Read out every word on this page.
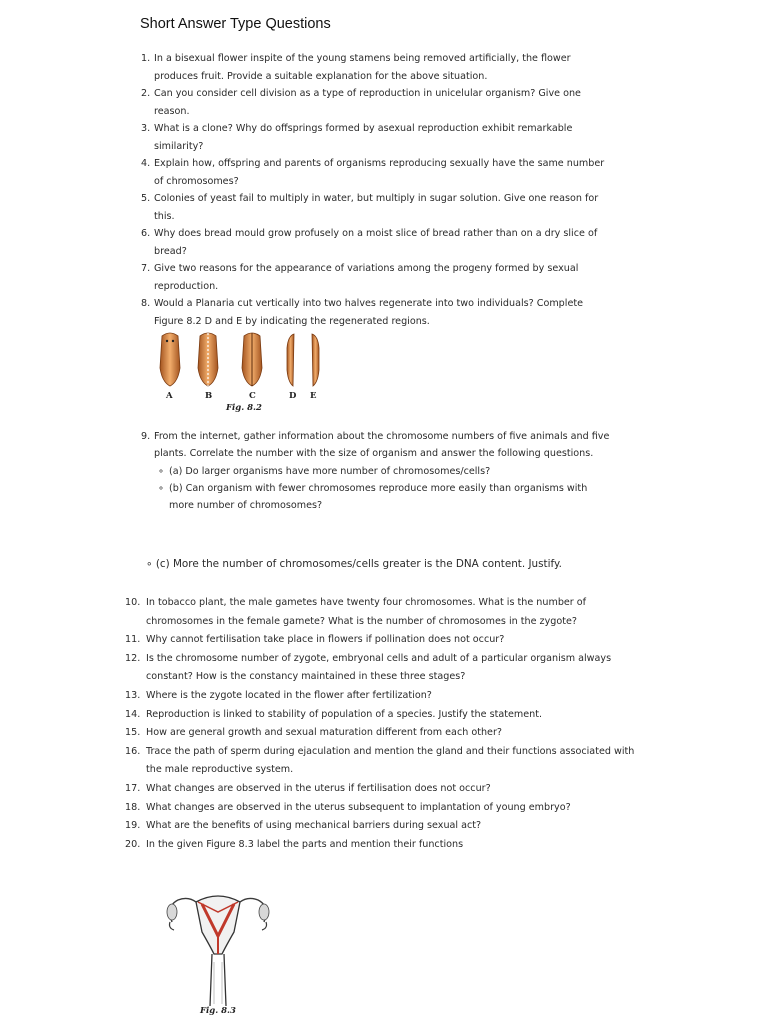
Short Answer Type Questions
1. In a bisexual flower inspite of the young stamens being removed artificially, the flower produces fruit. Provide a suitable explanation for the above situation.
2. Can you consider cell division as a type of reproduction in unicelular organism? Give one reason.
3. What is a clone? Why do offsprings formed by asexual reproduction exhibit remarkable similarity?
4. Explain how, offspring and parents of organisms reproducing sexually have the same number of chromosomes?
5. Colonies of yeast fail to multiply in water, but multiply in sugar solution. Give one reason for this.
6. Why does bread mould grow profusely on a moist slice of bread rather than on a dry slice of bread?
7. Give two reasons for the appearance of variations among the progeny formed by sexual reproduction.
8. Would a Planaria cut vertically into two halves regenerate into two individuals? Complete Figure 8.2 D and E by indicating the regenerated regions.
A	B	C	D E
Fig. 8.2
9. From the internet, gather information about the chromosome numbers of five animals and five plants. Correlate the number with the size of organism and answer the following questions.
∘ (a) Do larger organisms have more number of chromosomes/cells?
∘ (b) Can organism with fewer chromosomes reproduce more easily than organisms with more number of chromosomes?
∘ (c) More the number of chromosomes/cells greater is the DNA content. Justify.
10. In tobacco plant, the male gametes have twenty four chromosomes. What is the number of chromosomes in the female gamete? What is the number of chromosomes in the zygote?
11. Why cannot fertilisation take place in flowers if pollination does not occur?
12. Is the chromosome number of zygote, embryonal cells and adult of a particular organism always constant? How is the constancy maintained in these three stages?
13. Where is the zygote located in the flower after fertilization?
14. Reproduction is linked to stability of population of a species. Justify the statement.
15. How are general growth and sexual maturation different from each other?
16. Trace the path of sperm during ejaculation and mention the gland and their functions associated with the male reproductive system.
17. What changes are observed in the uterus if fertilisation does not occur?
18. What changes are observed in the uterus subsequent to implantation of young embryo?
19. What are the benefits of using mechanical barriers during sexual act?
20. In the given Figure 8.3 label the parts and mention their functions
Fig. 8.3
